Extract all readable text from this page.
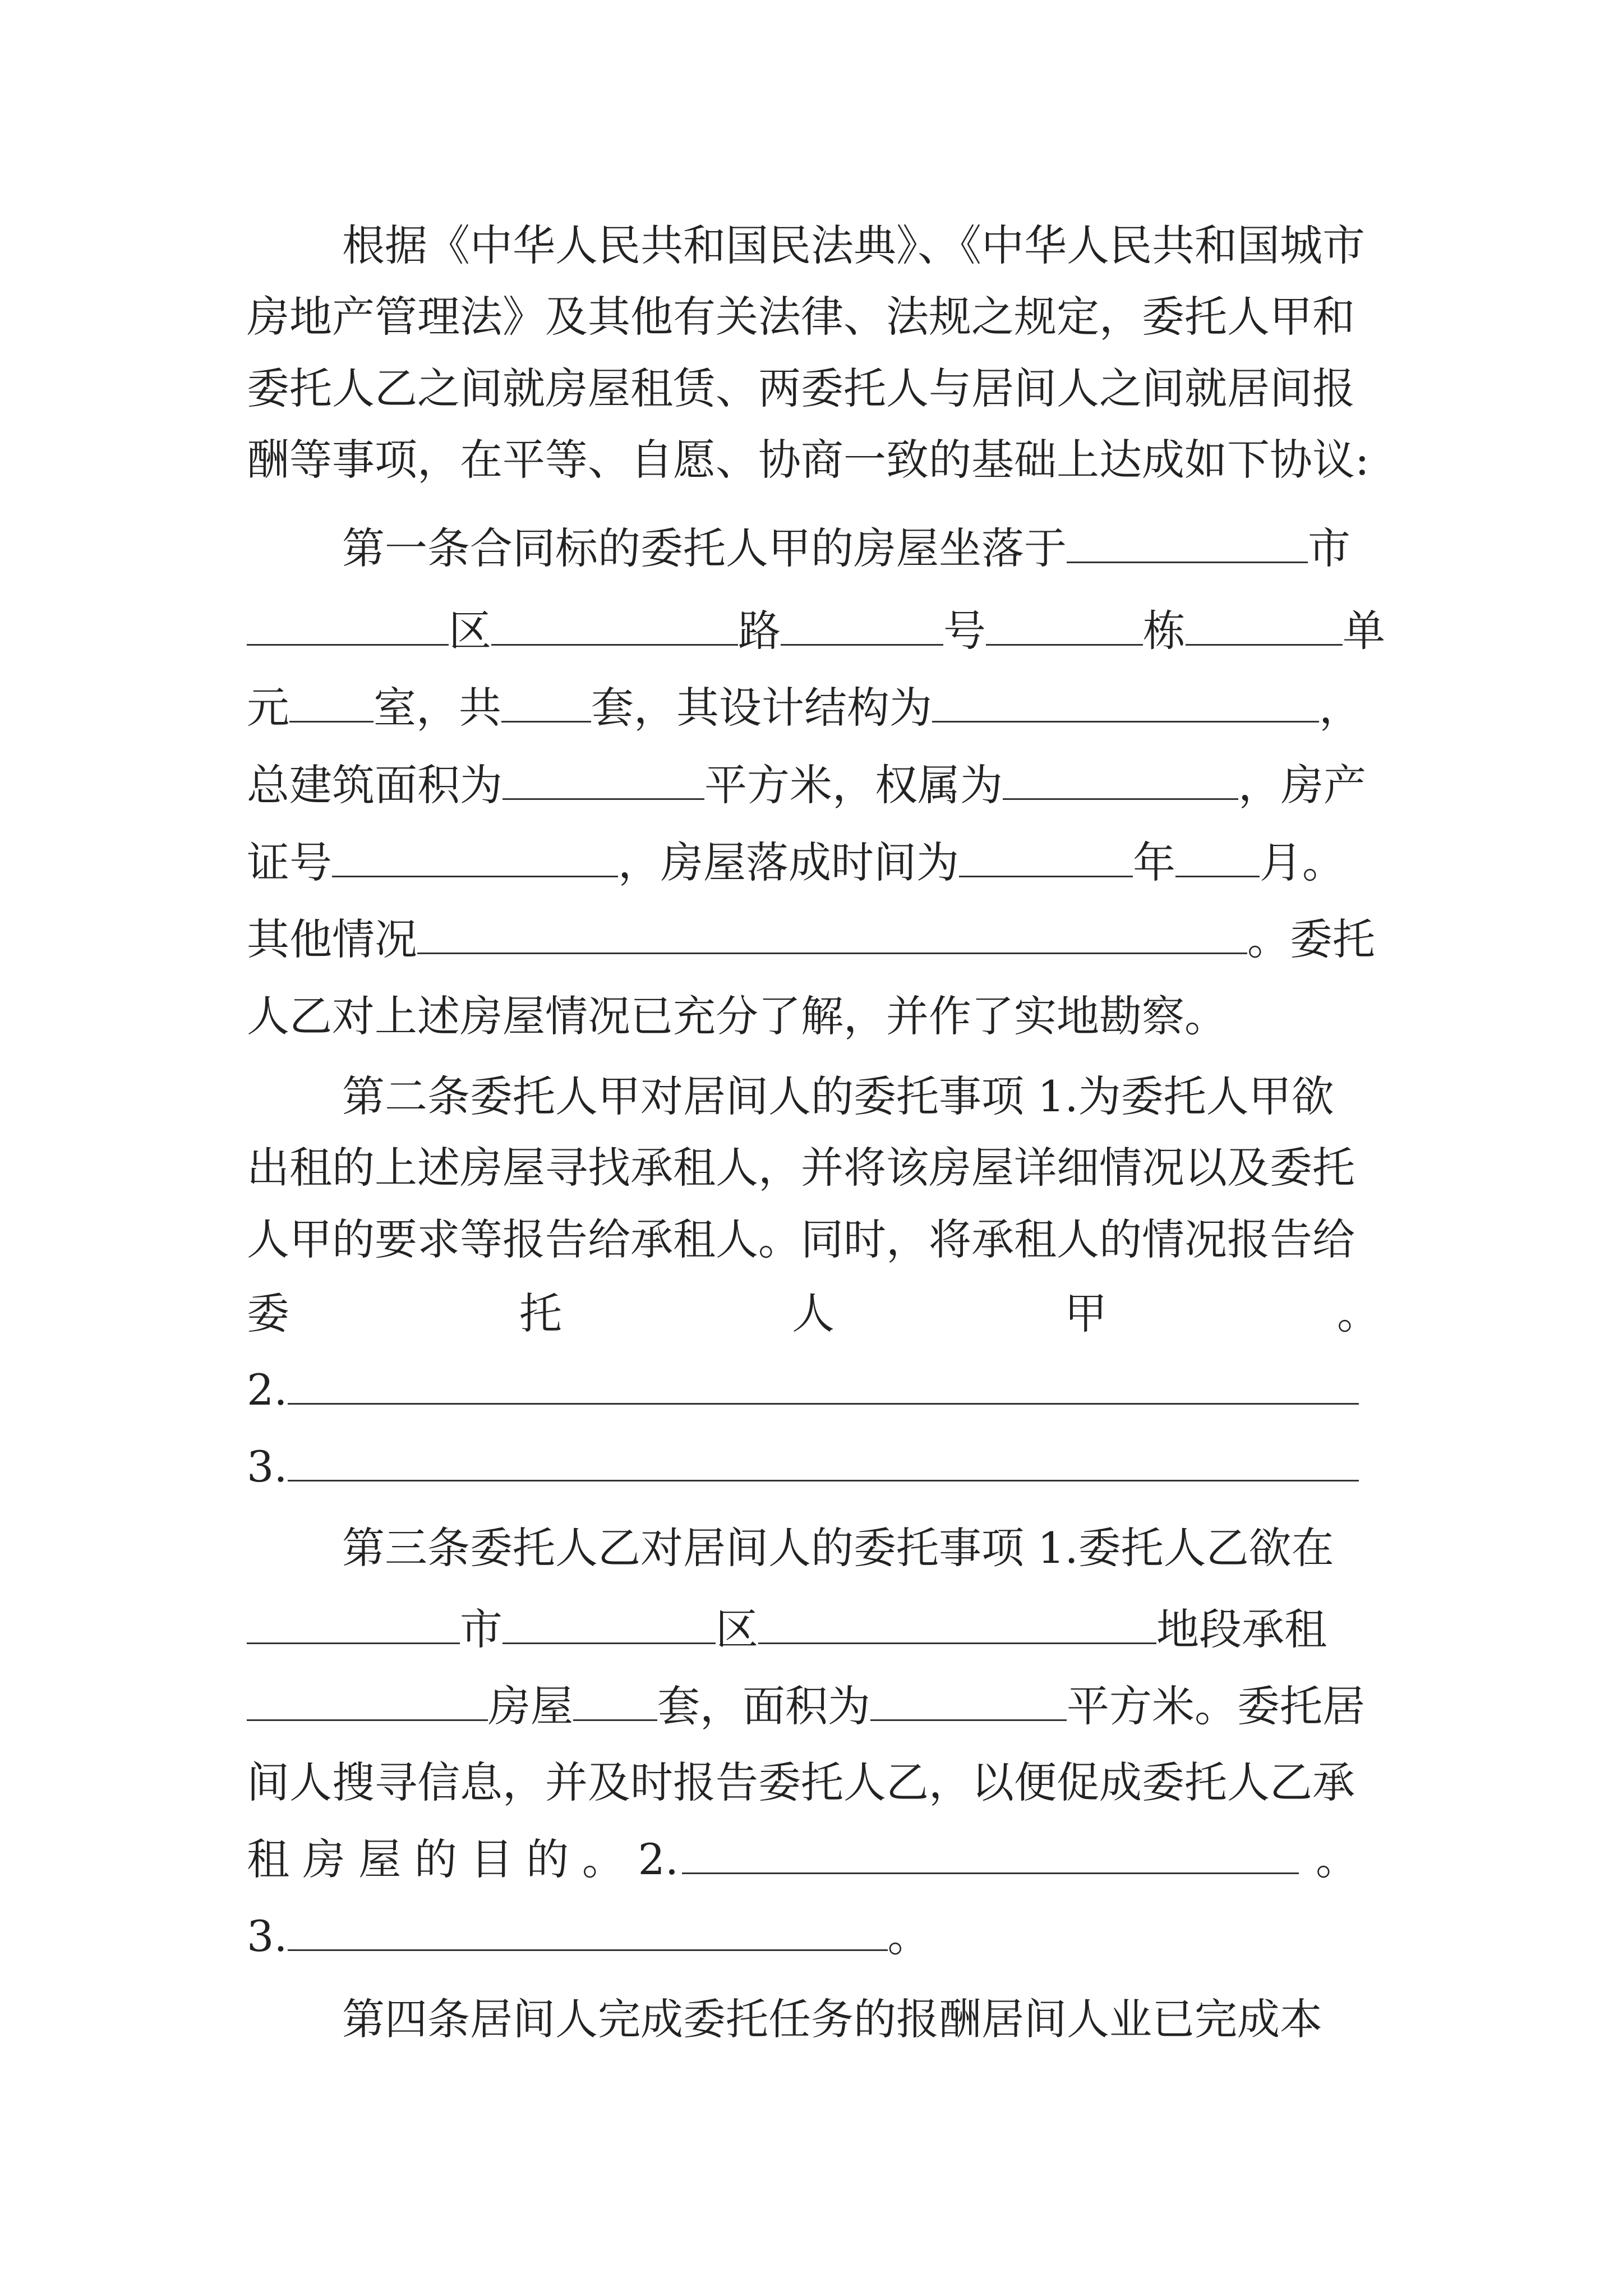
根据《中华人民共和国民法典》、《中华人民共和国城市
房地产管理法》及其他有关法律、法规之规定，委托人甲和
委托人乙之间就房屋租赁、两委托人与居间人之间就居间报
酬等事项，在平等、自愿、协商一致的基础上达成如下协议:
第一条合同标的委托人甲的房屋坐落于	市
区	路	号	栋	单
元 室，共 套，其设计结构为	，
总建筑面积为	平方米，权属为	，房产
证号	，房屋落成时间为	年 月。
其他情况	。委托
人乙对上述房屋情况已充分了解，并作了实地勘察。
第二条委托人甲对居间人的委托事项 1.为委托人甲欲
出租的上述房屋寻找承租人，并将该房屋详细情况以及委托
人甲的要求等报告给承租人。同时，将承租人的情况报告给
委	托	人	甲	。
2.
3.
第三条委托人乙对居间人的委托事项 1.委托人乙欲在
市	区	地段承租
房屋 套，面积为	平方米。委托居
间人搜寻信息，并及时报告委托人乙，以便促成委托人乙承
租 房 屋 的 目 的 。 2.	。
3.	。
第四条居间人完成委托任务的报酬居间人业已完成本
